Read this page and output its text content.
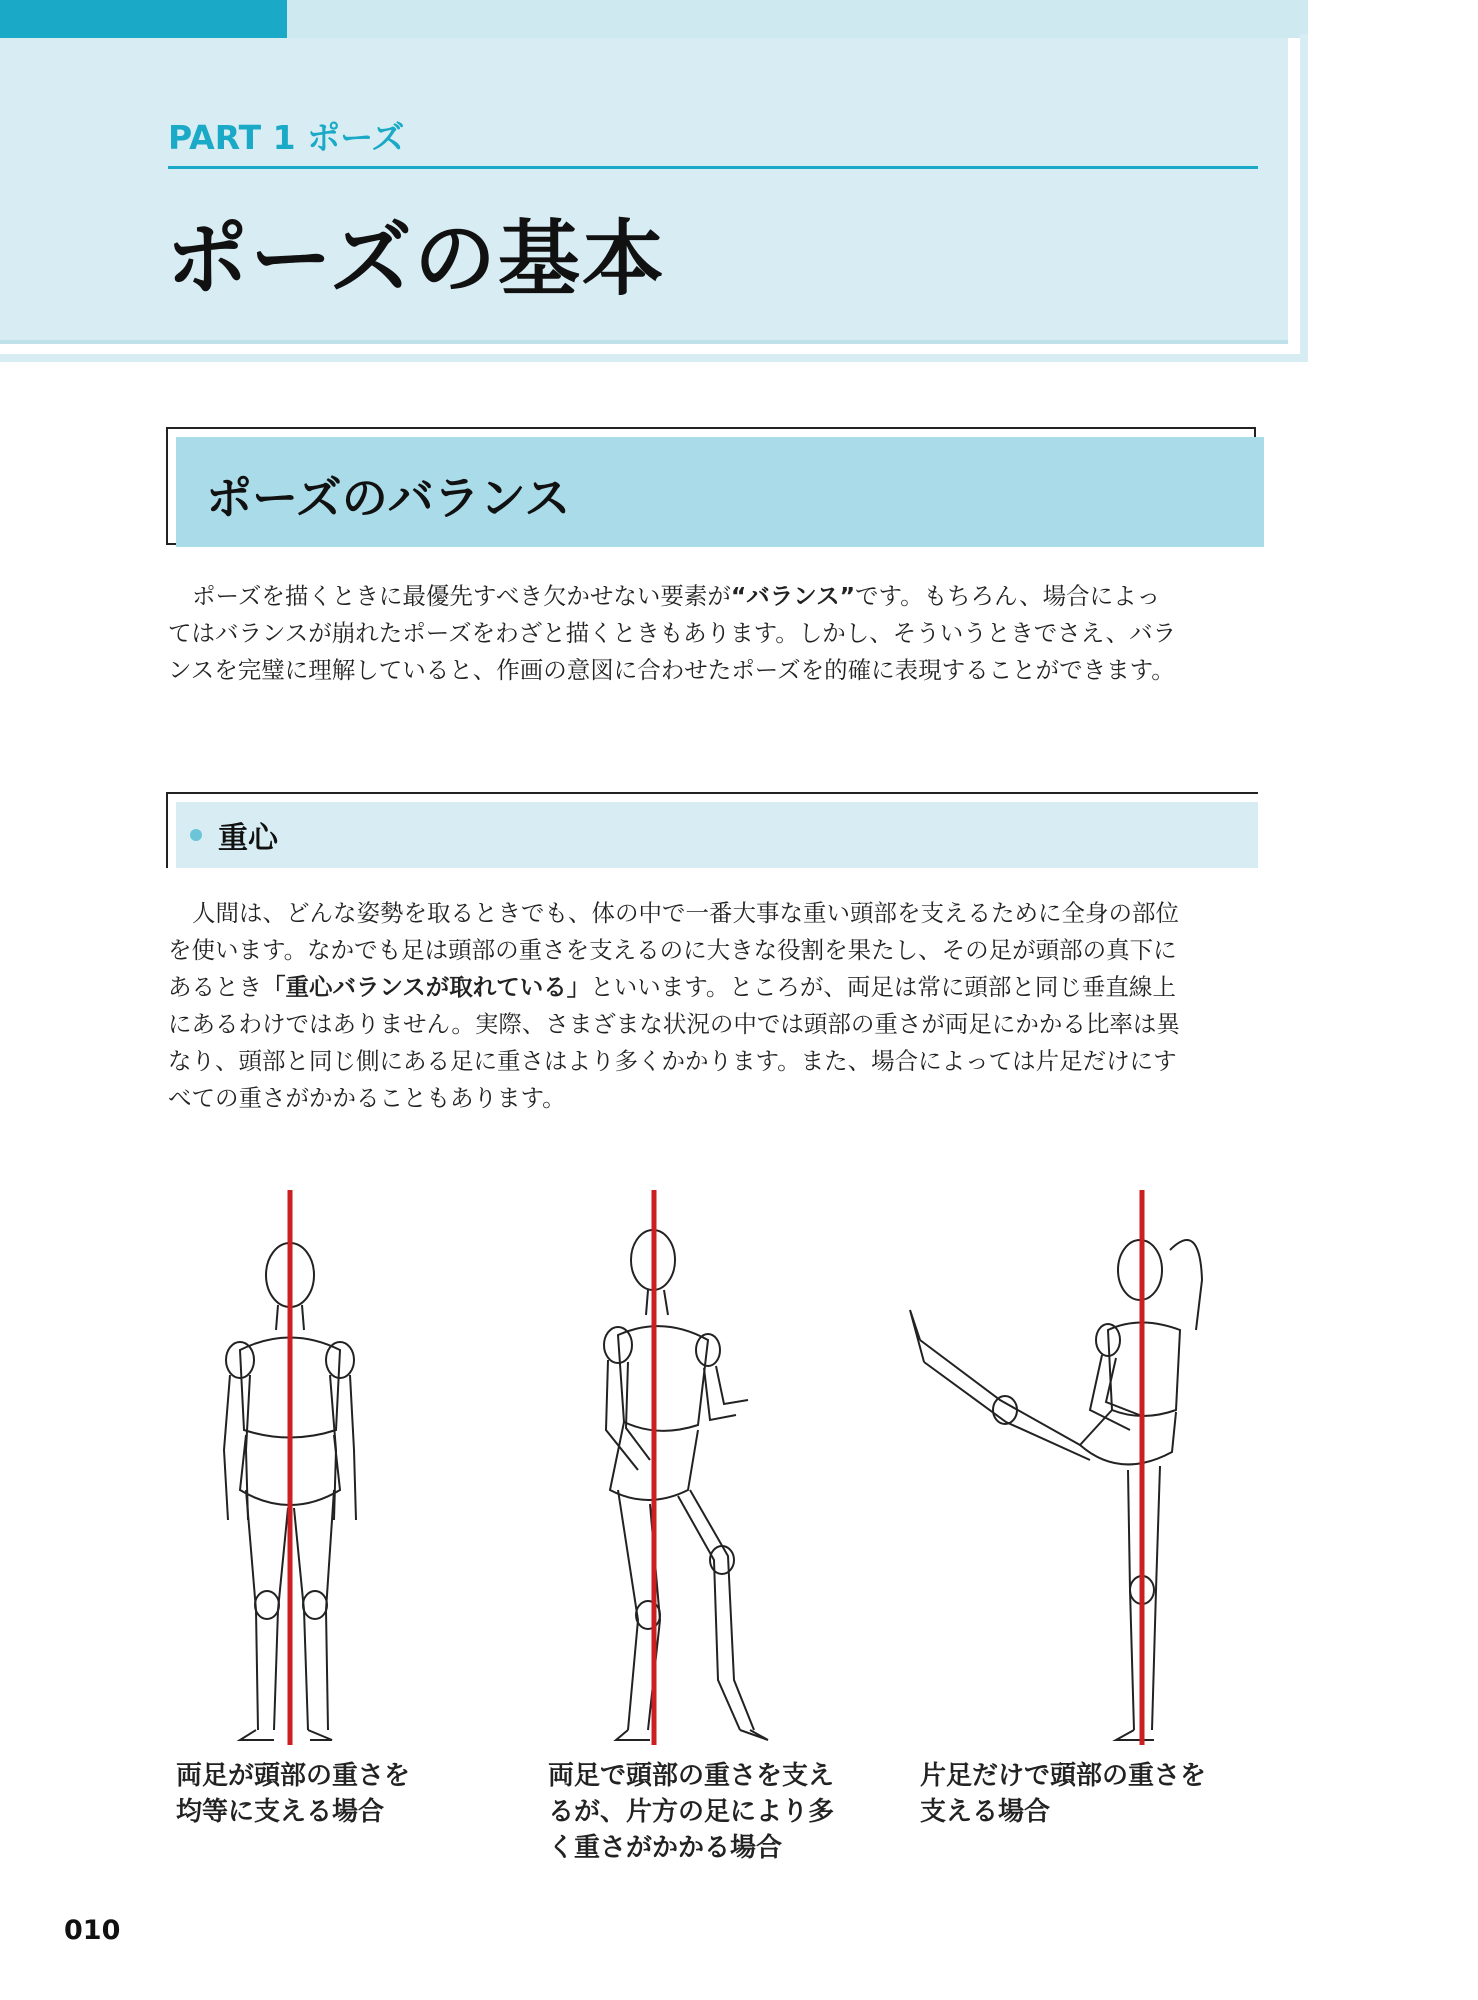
PART 1 ポーズ
ポーズの基本
ポーズのバランス
ポーズを描くときに最優先すべき欠かせない要素が“バランス”です。もちろん、場合によっ
てはバランスが崩れたポーズをわざと描くときもあります。しかし、そういうときでさえ、バラ
ンスを完璧に理解していると、作画の意図に合わせたポーズを的確に表現することができます。
重心
人間は、どんな姿勢を取るときでも、体の中で一番大事な重い頭部を支えるために全身の部位
を使います。なかでも足は頭部の重さを支えるのに大きな役割を果たし、その足が頭部の真下に
あるとき「重心バランスが取れている」といいます。ところが、両足は常に頭部と同じ垂直線上
にあるわけではありません。実際、さまざまな状況の中では頭部の重さが両足にかかる比率は異
なり、頭部と同じ側にある足に重さはより多くかかります。また、場合によっては片足だけにす
べての重さがかかることもあります。
両足が頭部の重さを
均等に支える場合
両足で頭部の重さを支え
るが、片方の足により多
く重さがかかる場合
片足だけで頭部の重さを
支える場合
010
